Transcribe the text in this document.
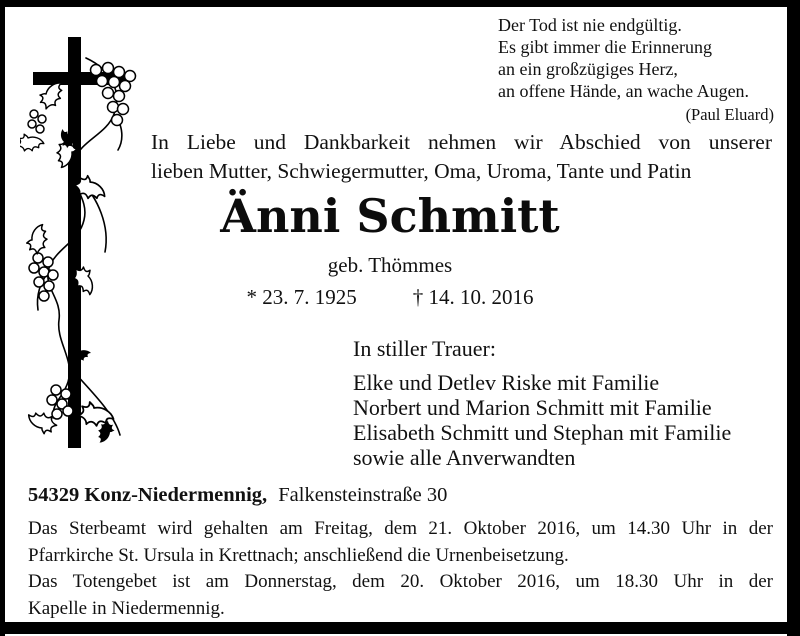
Der Tod ist nie endgültig.
Es gibt immer die Erinnerung
an ein großzügiges Herz,
an offene Hände, an wache Augen.
(Paul Eluard)
In Liebe und Dankbarkeit nehmen wir Abschied von unserer
lieben Mutter, Schwiegermutter, Oma, Uroma, Tante und Patin
Änni Schmitt
geb. Thömmes
* 23. 7. 1925	† 14. 10. 2016
In stiller Trauer:
Elke und Detlev Riske mit Familie
Norbert und Marion Schmitt mit Familie
Elisabeth Schmitt und Stephan mit Familie
sowie alle Anverwandten
54329 Konz-Niedermennig, Falkensteinstraße 30
Das Sterbeamt wird gehalten am Freitag, dem 21. Oktober 2016, um 14.30 Uhr in der
Pfarrkirche St. Ursula in Krettnach; anschließend die Urnenbeisetzung.
Das Totengebet ist am Donnerstag, dem 20. Oktober 2016, um 18.30 Uhr in der
Kapelle in Niedermennig.
